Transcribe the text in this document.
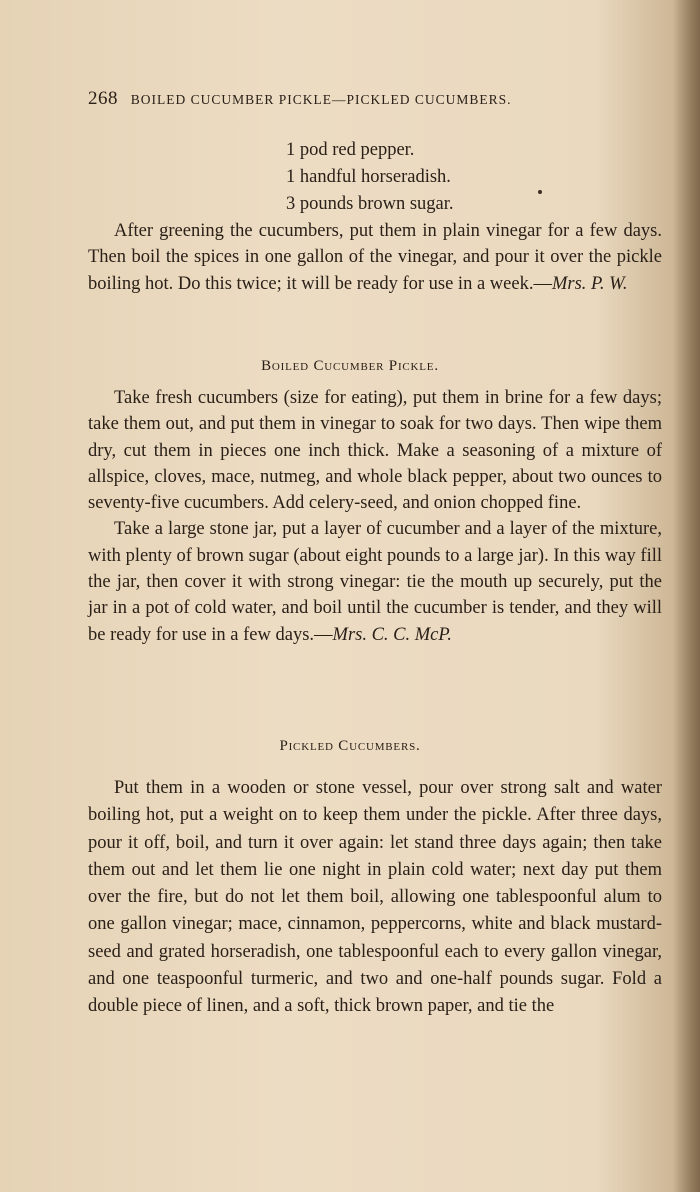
268 BOILED CUCUMBER PICKLE—PICKLED CUCUMBERS.
1 pod red pepper.
1 handful horseradish.
3 pounds brown sugar.

After greening the cucumbers, put them in plain vinegar for a few days. Then boil the spices in one gallon of the vinegar, and pour it over the pickle boiling hot. Do this twice; it will be ready for use in a week.—Mrs. P. W.

Boiled Cucumber Pickle.

Take fresh cucumbers (size for eating), put them in brine for a few days; take them out, and put them in vinegar to soak for two days. Then wipe them dry, cut them in pieces one inch thick. Make a seasoning of a mixture of allspice, cloves, mace, nutmeg, and whole black pepper, about two ounces to seventy-five cucumbers. Add celery-seed, and onion chopped fine.

Take a large stone jar, put a layer of cucumber and a layer of the mixture, with plenty of brown sugar (about eight pounds to a large jar). In this way fill the jar, then cover it with strong vinegar: tie the mouth up securely, put the jar in a pot of cold water, and boil until the cucumber is tender, and they will be ready for use in a few days.—Mrs. C. C. McP.

Pickled Cucumbers.

Put them in a wooden or stone vessel, pour over strong salt and water boiling hot, put a weight on to keep them under the pickle. After three days, pour it off, boil, and turn it over again: let stand three days again; then take them out and let them lie one night in plain cold water; next day put them over the fire, but do not let them boil, allowing one tablespoonful alum to one gallon vinegar; mace, cinnamon, peppercorns, white and black mustard-seed and grated horseradish, one tablespoonful each to every gallon vinegar, and one teaspoonful turmeric, and two and one-half pounds sugar. Fold a double piece of linen, and a soft, thick brown paper, and tie the
